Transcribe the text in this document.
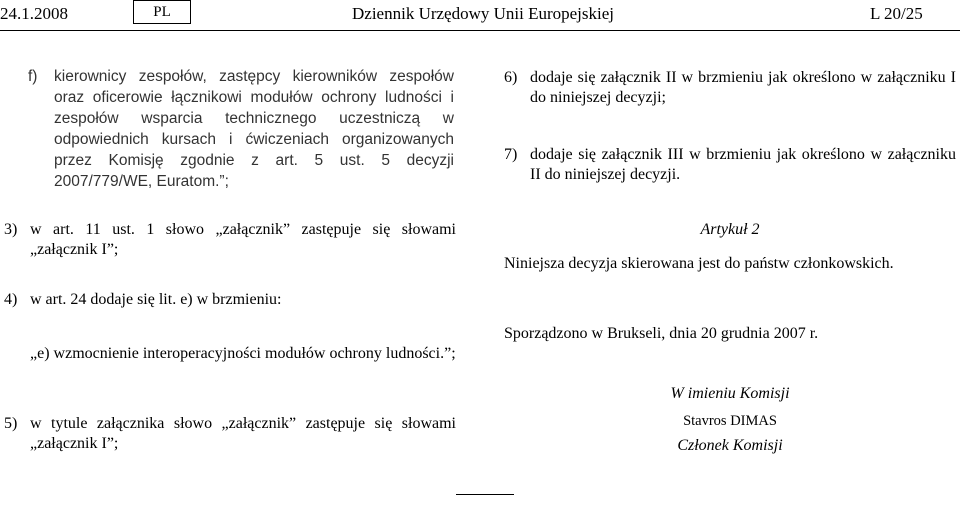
24.1.2008	PL	Dziennik Urzędowy Unii Europejskiej	L 20/25
f)	kierownicy zespołów, zastępcy kierowników zespołów oraz oficerowie łącznikowi modułów ochrony ludności i zespołów wsparcia technicznego uczestniczą w odpowiednich kursach i ćwiczeniach organizowanych przez Komisję zgodnie z art. 5 ust. 5 decyzji 2007/779/WE, Euratom.”;
3) w art. 11 ust. 1 słowo „załącznik” zastępuje się słowami „załącznik I”;
4) w art. 24 dodaje się lit. e) w brzmieniu:
„e) wzmocnienie interoperacyjności modułów ochrony ludności.”;
5) w tytule załącznika słowo „załącznik” zastępuje się słowami „załącznik I”;
6) dodaje się załącznik II w brzmieniu jak określono w załączniku I do niniejszej decyzji;
7) dodaje się załącznik III w brzmieniu jak określono w załączniku II do niniejszej decyzji.
Artykuł 2
Niniejsza decyzja skierowana jest do państw członkowskich.
Sporządzono w Brukseli, dnia 20 grudnia 2007 r.
W imieniu Komisji
Stavros DIMAS
Członek Komisji
